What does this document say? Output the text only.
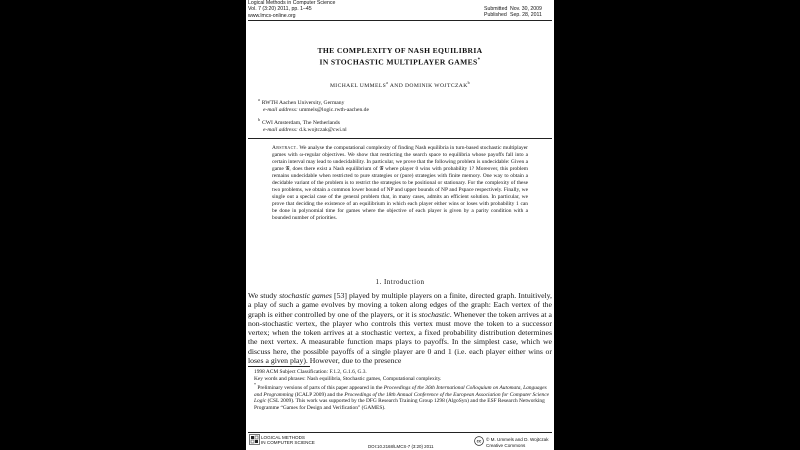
Logical Methods in Computer Science
Vol. 7 (3:20) 2011, pp. 1–45
www.lmcs-online.org
Submitted Nov. 30, 2009
Published Sep. 28, 2011
THE COMPLEXITY OF NASH EQUILIBRIA
IN STOCHASTIC MULTIPLAYER GAMES*
MICHAEL UMMELS$^a$ AND DOMINIK WOJTCZAK$^b$
$^a$RWTH Aachen University, Germany
e-mail address: ummels@logic.rwth-aachen.de
$^b$CWI Amsterdam, The Netherlands
e-mail address: d.k.wojtczak@cwi.nl
Abstract. We analyse the computational complexity of finding Nash equilibria in turn-based stochastic multiplayer games with ω-regular objectives. We show that restricting the search space to equilibria whose payoffs fall into a certain interval may lead to undecidability. In particular, we prove that the following problem is undecidable: Given a game 𝒢, does there exist a Nash equilibrium of 𝒢 where player 0 wins with probability 1? Moreover, this problem remains undecidable when restricted to pure strategies or (pure) strategies with finite memory. One way to obtain a decidable variant of the problem is to restrict the strategies to be positional or stationary. For the complexity of these two problems, we obtain a common lower bound of NP and upper bounds of NP and Pspace respectively. Finally, we single out a special case of the general problem that, in many cases, admits an efficient solution. In particular, we prove that deciding the existence of an equilibrium in which each player either wins or loses with probability 1 can be done in polynomial time for games where the objective of each player is given by a parity condition with a bounded number of priorities.
1. Introduction
We study stochastic games [53] played by multiple players on a finite, directed graph. Intuitively, a play of such a game evolves by moving a token along edges of the graph: Each vertex of the graph is either controlled by one of the players, or it is stochastic. Whenever the token arrives at a non-stochastic vertex, the player who controls this vertex must move the token to a successor vertex; when the token arrives at a stochastic vertex, a fixed probability distribution determines the next vertex. A measurable function maps plays to payoffs. In the simplest case, which we discuss here, the possible payoffs of a single player are 0 and 1 (i.e. each player either wins or loses a given play). However, due to the presence

1998 ACM Subject Classification: F.1.2, G.1.6, G.3.

Key words and phrases: Nash equilibria, Stochastic games, Computational complexity.

* Preliminary versions of parts of this paper appeared in the Proceedings of the 36th International Colloquium on Automata, Languages and Programming (ICALP 2009) and the Proceedings of the 18th Annual Conference of the European Association for Computer Science Logic (CSL 2009). This work was supported by the DFG Research Training Group 1298 (AlgoSyn) and the ESF Research Networking Programme “Games for Design and Verification” (GAMES).

LOGICAL METHODS
IN COMPUTER SCIENCE
DOI:10.2168/LMCS-7 (3:20) 2011
cc © M. Ummels and D. Wojtczak
Creative Commons
